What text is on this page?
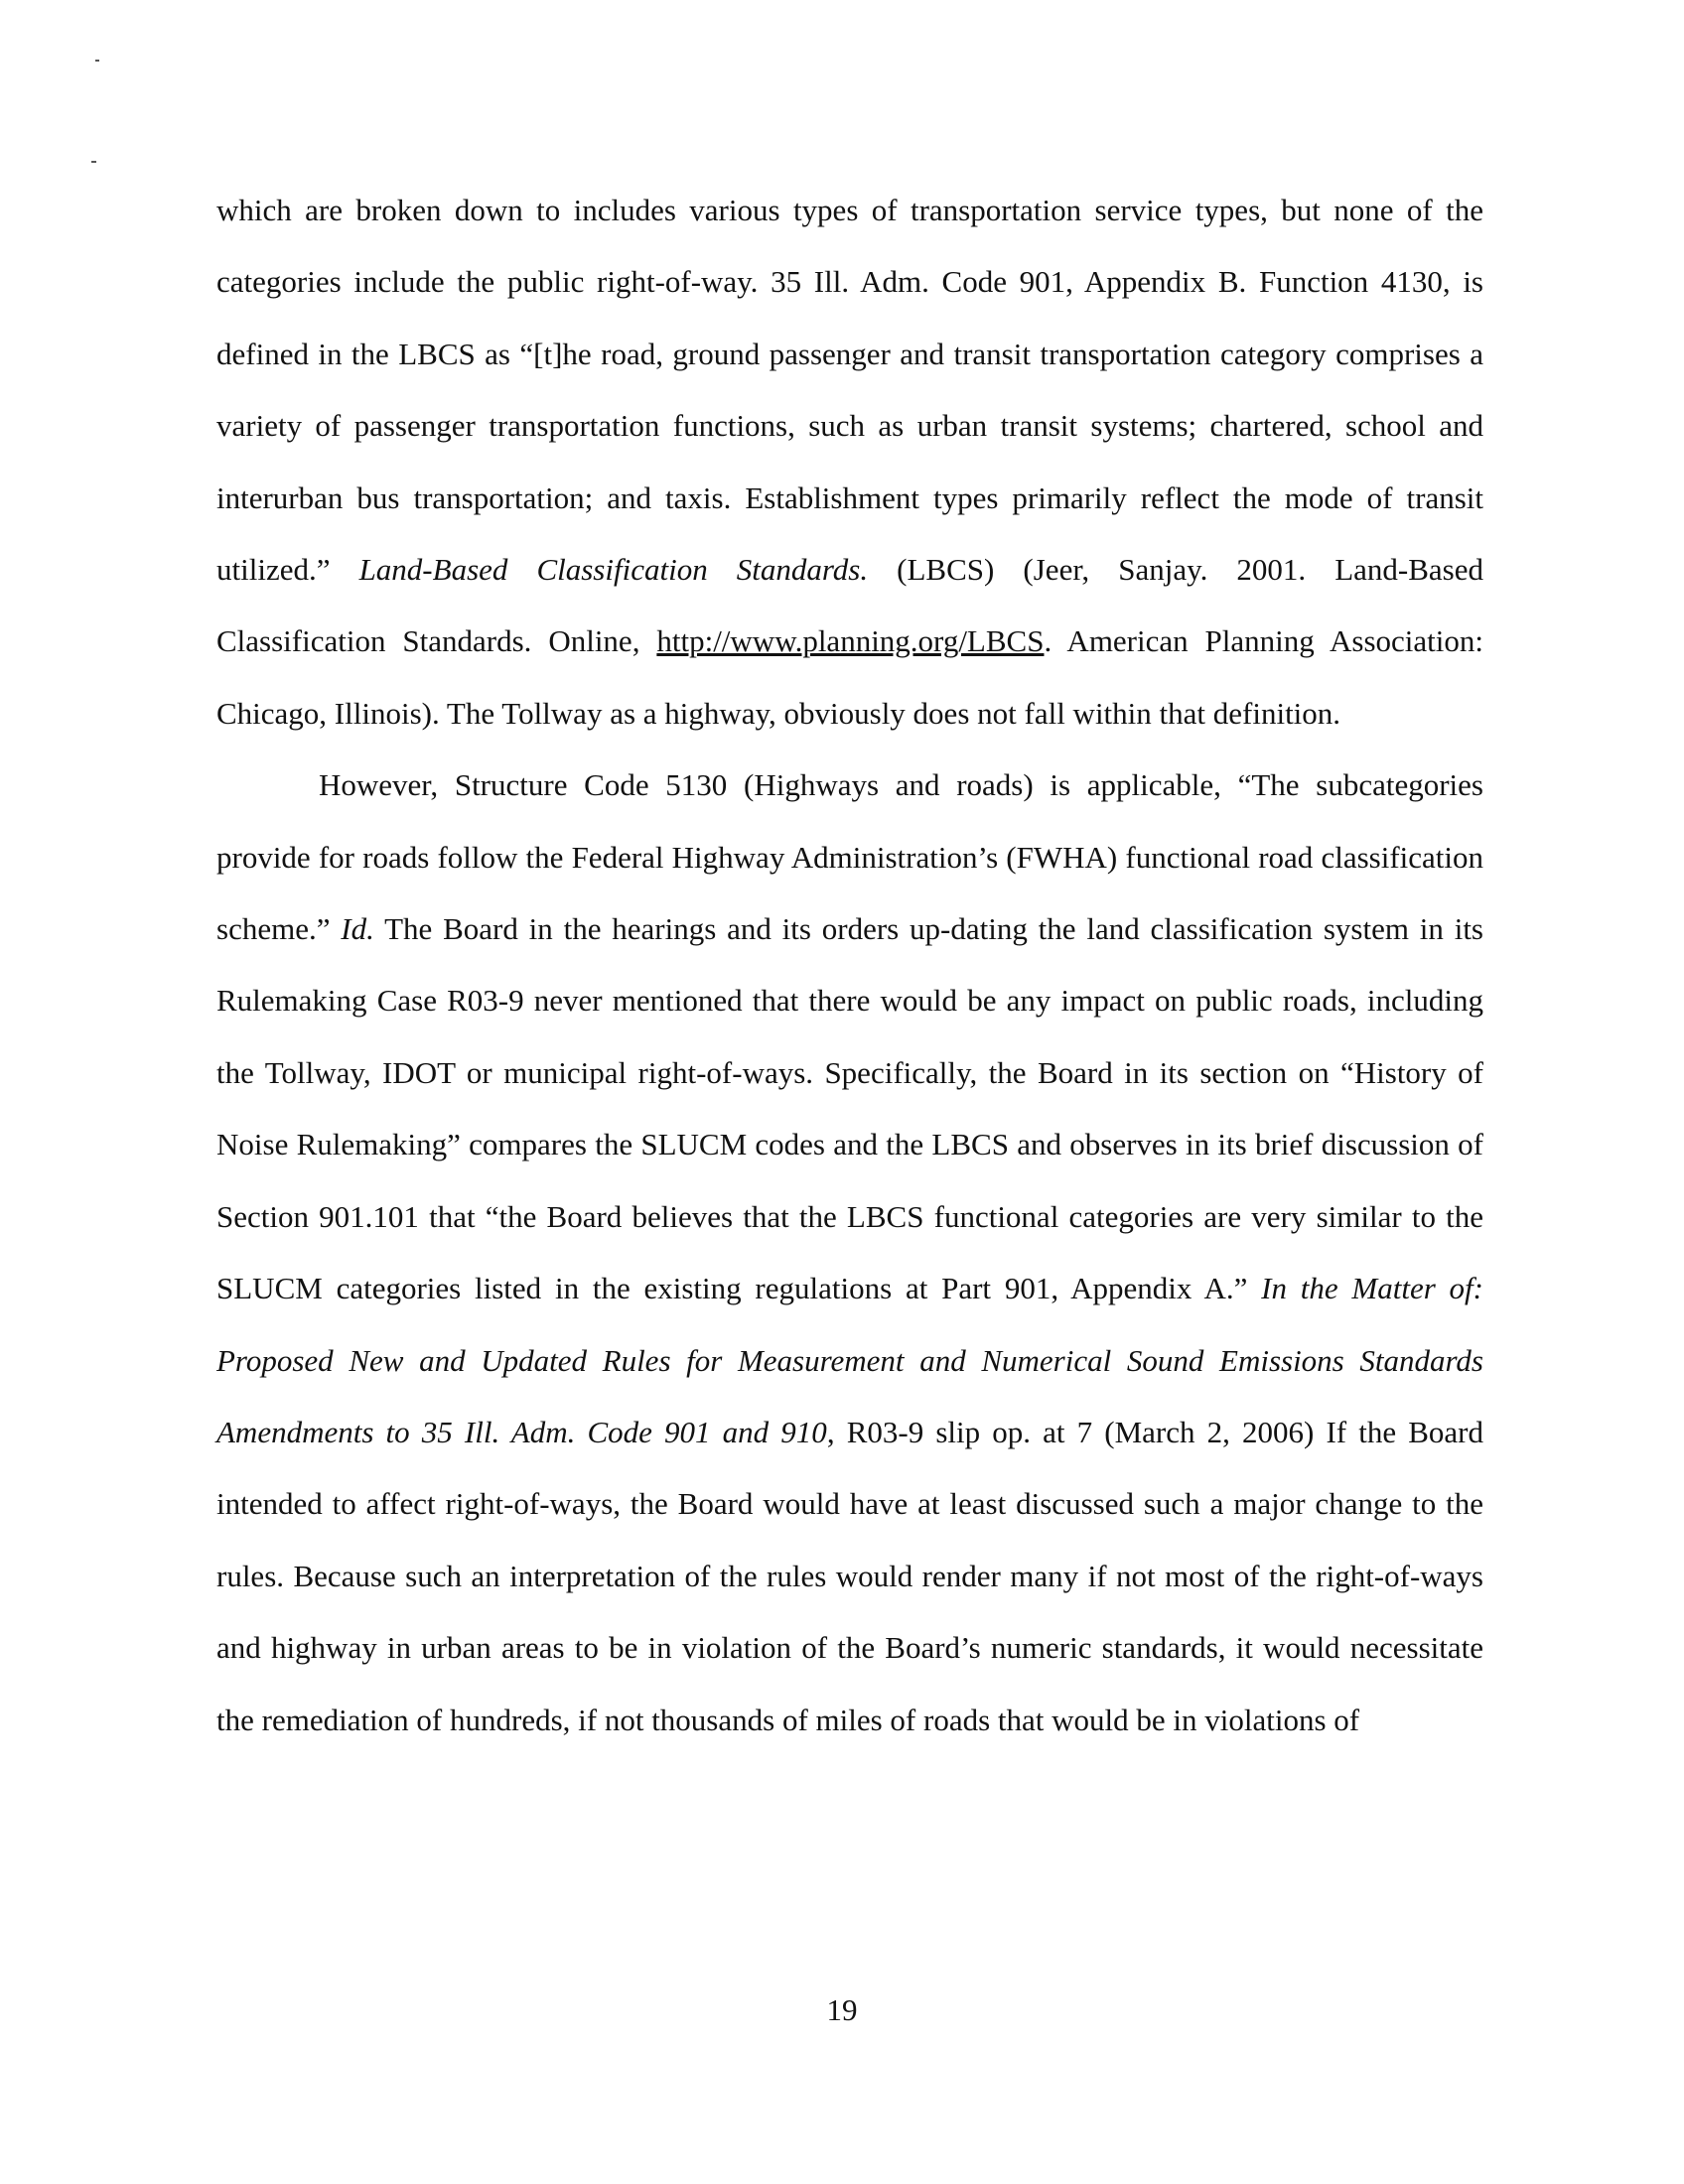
which are broken down to includes various types of transportation service types, but none of the categories include the public right-of-way. 35 Ill. Adm. Code 901, Appendix B. Function 4130, is defined in the LBCS as “[t]he road, ground passenger and transit transportation category comprises a variety of passenger transportation functions, such as urban transit systems; chartered, school and interurban bus transportation; and taxis. Establishment types primarily reflect the mode of transit utilized.” Land-Based Classification Standards. (LBCS) (Jeer, Sanjay. 2001. Land-Based Classification Standards. Online, http://www.planning.org/LBCS. American Planning Association: Chicago, Illinois). The Tollway as a highway, obviously does not fall within that definition.

However, Structure Code 5130 (Highways and roads) is applicable, “The subcategories provide for roads follow the Federal Highway Administration’s (FWHA) functional road classification scheme.” Id. The Board in the hearings and its orders up-dating the land classification system in its Rulemaking Case R03-9 never mentioned that there would be any impact on public roads, including the Tollway, IDOT or municipal right-of-ways. Specifically, the Board in its section on “History of Noise Rulemaking” compares the SLUCM codes and the LBCS and observes in its brief discussion of Section 901.101 that “the Board believes that the LBCS functional categories are very similar to the SLUCM categories listed in the existing regulations at Part 901, Appendix A.” In the Matter of: Proposed New and Updated Rules for Measurement and Numerical Sound Emissions Standards Amendments to 35 Ill. Adm. Code 901 and 910, R03-9 slip op. at 7 (March 2, 2006) If the Board intended to affect right-of-ways, the Board would have at least discussed such a major change to the rules. Because such an interpretation of the rules would render many if not most of the right-of-ways and highway in urban areas to be in violation of the Board’s numeric standards, it would necessitate the remediation of hundreds, if not thousands of miles of roads that would be in violations of

19
